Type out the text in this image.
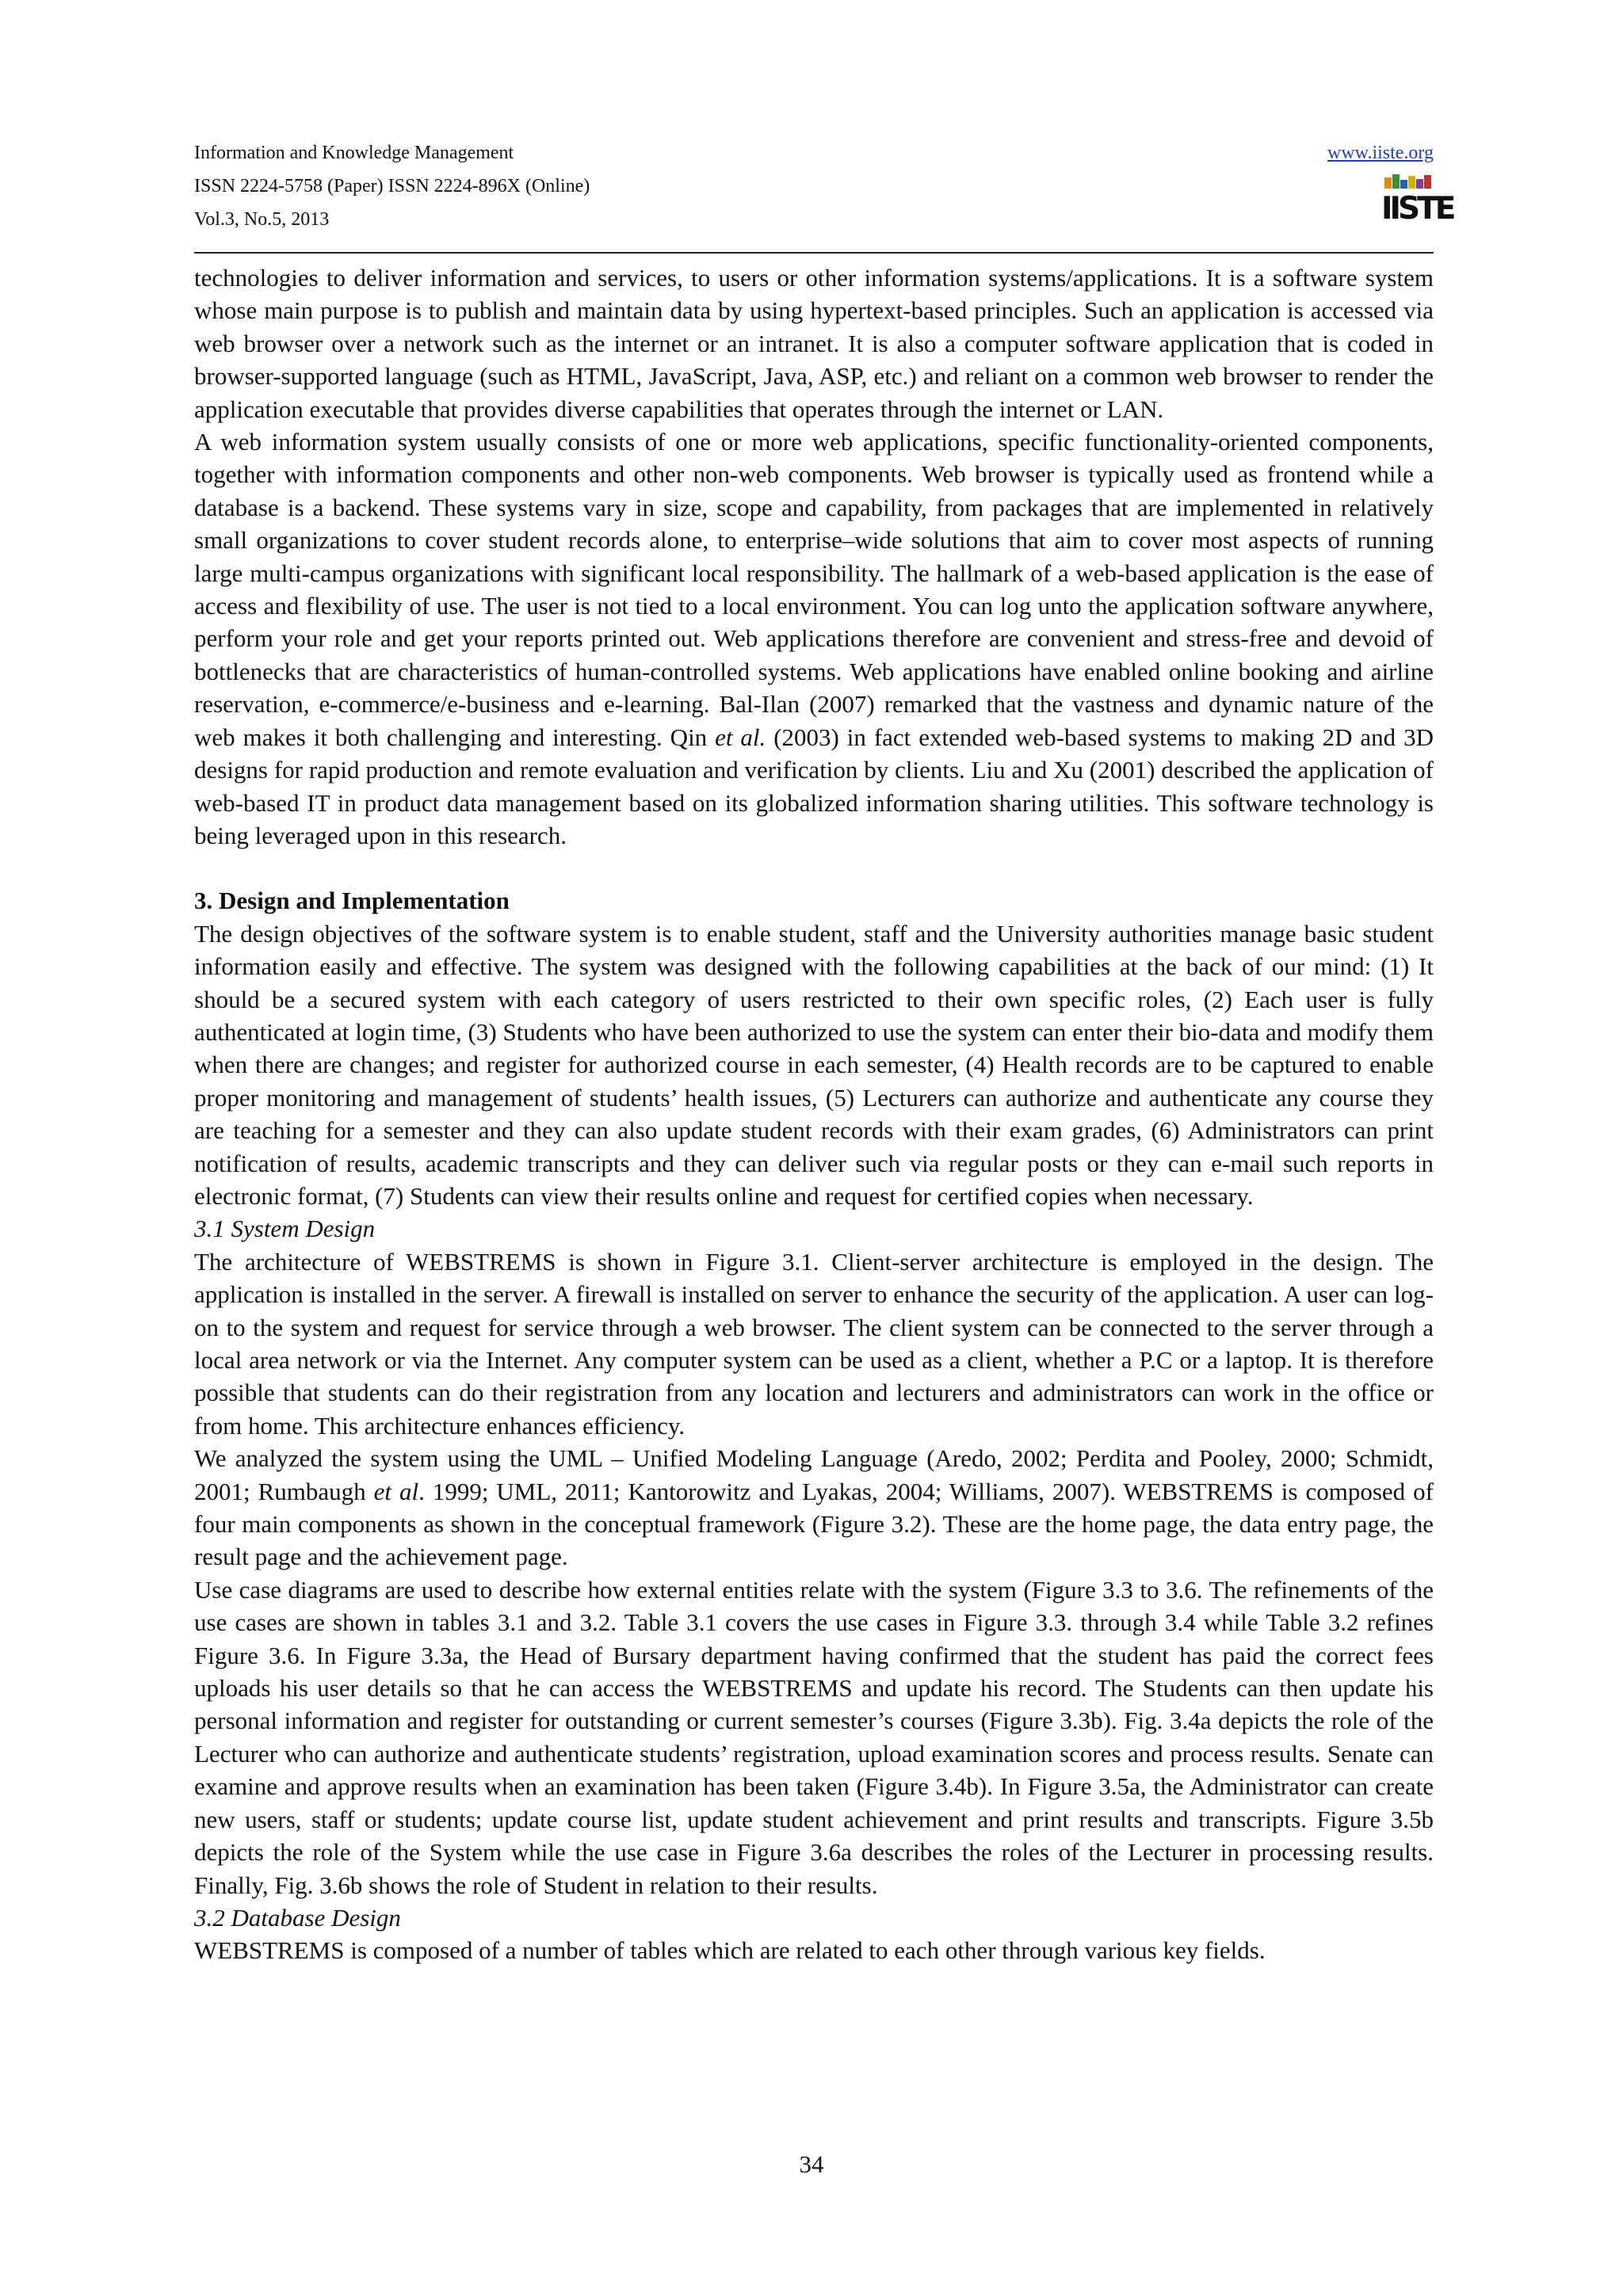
Information and Knowledge Management
ISSN 2224-5758 (Paper) ISSN 2224-896X (Online)
Vol.3, No.5, 2013
www.iiste.org
IISTE

technologies to deliver information and services, to users or other information systems/applications. It is a software system whose main purpose is to publish and maintain data by using hypertext-based principles. Such an application is accessed via web browser over a network such as the internet or an intranet. It is also a computer software application that is coded in browser-supported language (such as HTML, JavaScript, Java, ASP, etc.) and reliant on a common web browser to render the application executable that provides diverse capabilities that operates through the internet or LAN.

A web information system usually consists of one or more web applications, specific functionality-oriented components, together with information components and other non-web components. Web browser is typically used as frontend while a database is a backend. These systems vary in size, scope and capability, from packages that are implemented in relatively small organizations to cover student records alone, to enterprise–wide solutions that aim to cover most aspects of running large multi-campus organizations with significant local responsibility. The hallmark of a web-based application is the ease of access and flexibility of use. The user is not tied to a local environment. You can log unto the application software anywhere, perform your role and get your reports printed out. Web applications therefore are convenient and stress-free and devoid of bottlenecks that are characteristics of human-controlled systems. Web applications have enabled online booking and airline reservation, e-commerce/e-business and e-learning. Bal-Ilan (2007) remarked that the vastness and dynamic nature of the web makes it both challenging and interesting. Qin et al. (2003) in fact extended web-based systems to making 2D and 3D designs for rapid production and remote evaluation and verification by clients. Liu and Xu (2001) described the application of web-based IT in product data management based on its globalized information sharing utilities. This software technology is being leveraged upon in this research.

3. Design and Implementation

The design objectives of the software system is to enable student, staff and the University authorities manage basic student information easily and effective. The system was designed with the following capabilities at the back of our mind: (1) It should be a secured system with each category of users restricted to their own specific roles, (2) Each user is fully authenticated at login time, (3) Students who have been authorized to use the system can enter their bio-data and modify them when there are changes; and register for authorized course in each semester, (4) Health records are to be captured to enable proper monitoring and management of students’ health issues, (5) Lecturers can authorize and authenticate any course they are teaching for a semester and they can also update student records with their exam grades, (6) Administrators can print notification of results, academic transcripts and they can deliver such via regular posts or they can e-mail such reports in electronic format, (7) Students can view their results online and request for certified copies when necessary.

3.1 System Design

The architecture of WEBSTREMS is shown in Figure 3.1. Client-server architecture is employed in the design. The application is installed in the server. A firewall is installed on server to enhance the security of the application. A user can log-on to the system and request for service through a web browser. The client system can be connected to the server through a local area network or via the Internet. Any computer system can be used as a client, whether a P.C or a laptop. It is therefore possible that students can do their registration from any location and lecturers and administrators can work in the office or from home. This architecture enhances efficiency.

We analyzed the system using the UML – Unified Modeling Language (Aredo, 2002; Perdita and Pooley, 2000; Schmidt, 2001; Rumbaugh et al. 1999; UML, 2011; Kantorowitz and Lyakas, 2004; Williams, 2007). WEBSTREMS is composed of four main components as shown in the conceptual framework (Figure 3.2). These are the home page, the data entry page, the result page and the achievement page.

Use case diagrams are used to describe how external entities relate with the system (Figure 3.3 to 3.6. The refinements of the use cases are shown in tables 3.1 and 3.2. Table 3.1 covers the use cases in Figure 3.3. through 3.4 while Table 3.2 refines Figure 3.6. In Figure 3.3a, the Head of Bursary department having confirmed that the student has paid the correct fees uploads his user details so that he can access the WEBSTREMS and update his record. The Students can then update his personal information and register for outstanding or current semester’s courses (Figure 3.3b). Fig. 3.4a depicts the role of the Lecturer who can authorize and authenticate students’ registration, upload examination scores and process results. Senate can examine and approve results when an examination has been taken (Figure 3.4b). In Figure 3.5a, the Administrator can create new users, staff or students; update course list, update student achievement and print results and transcripts. Figure 3.5b depicts the role of the System while the use case in Figure 3.6a describes the roles of the Lecturer in processing results. Finally, Fig. 3.6b shows the role of Student in relation to their results.

3.2 Database Design

WEBSTREMS is composed of a number of tables which are related to each other through various key fields.

34
